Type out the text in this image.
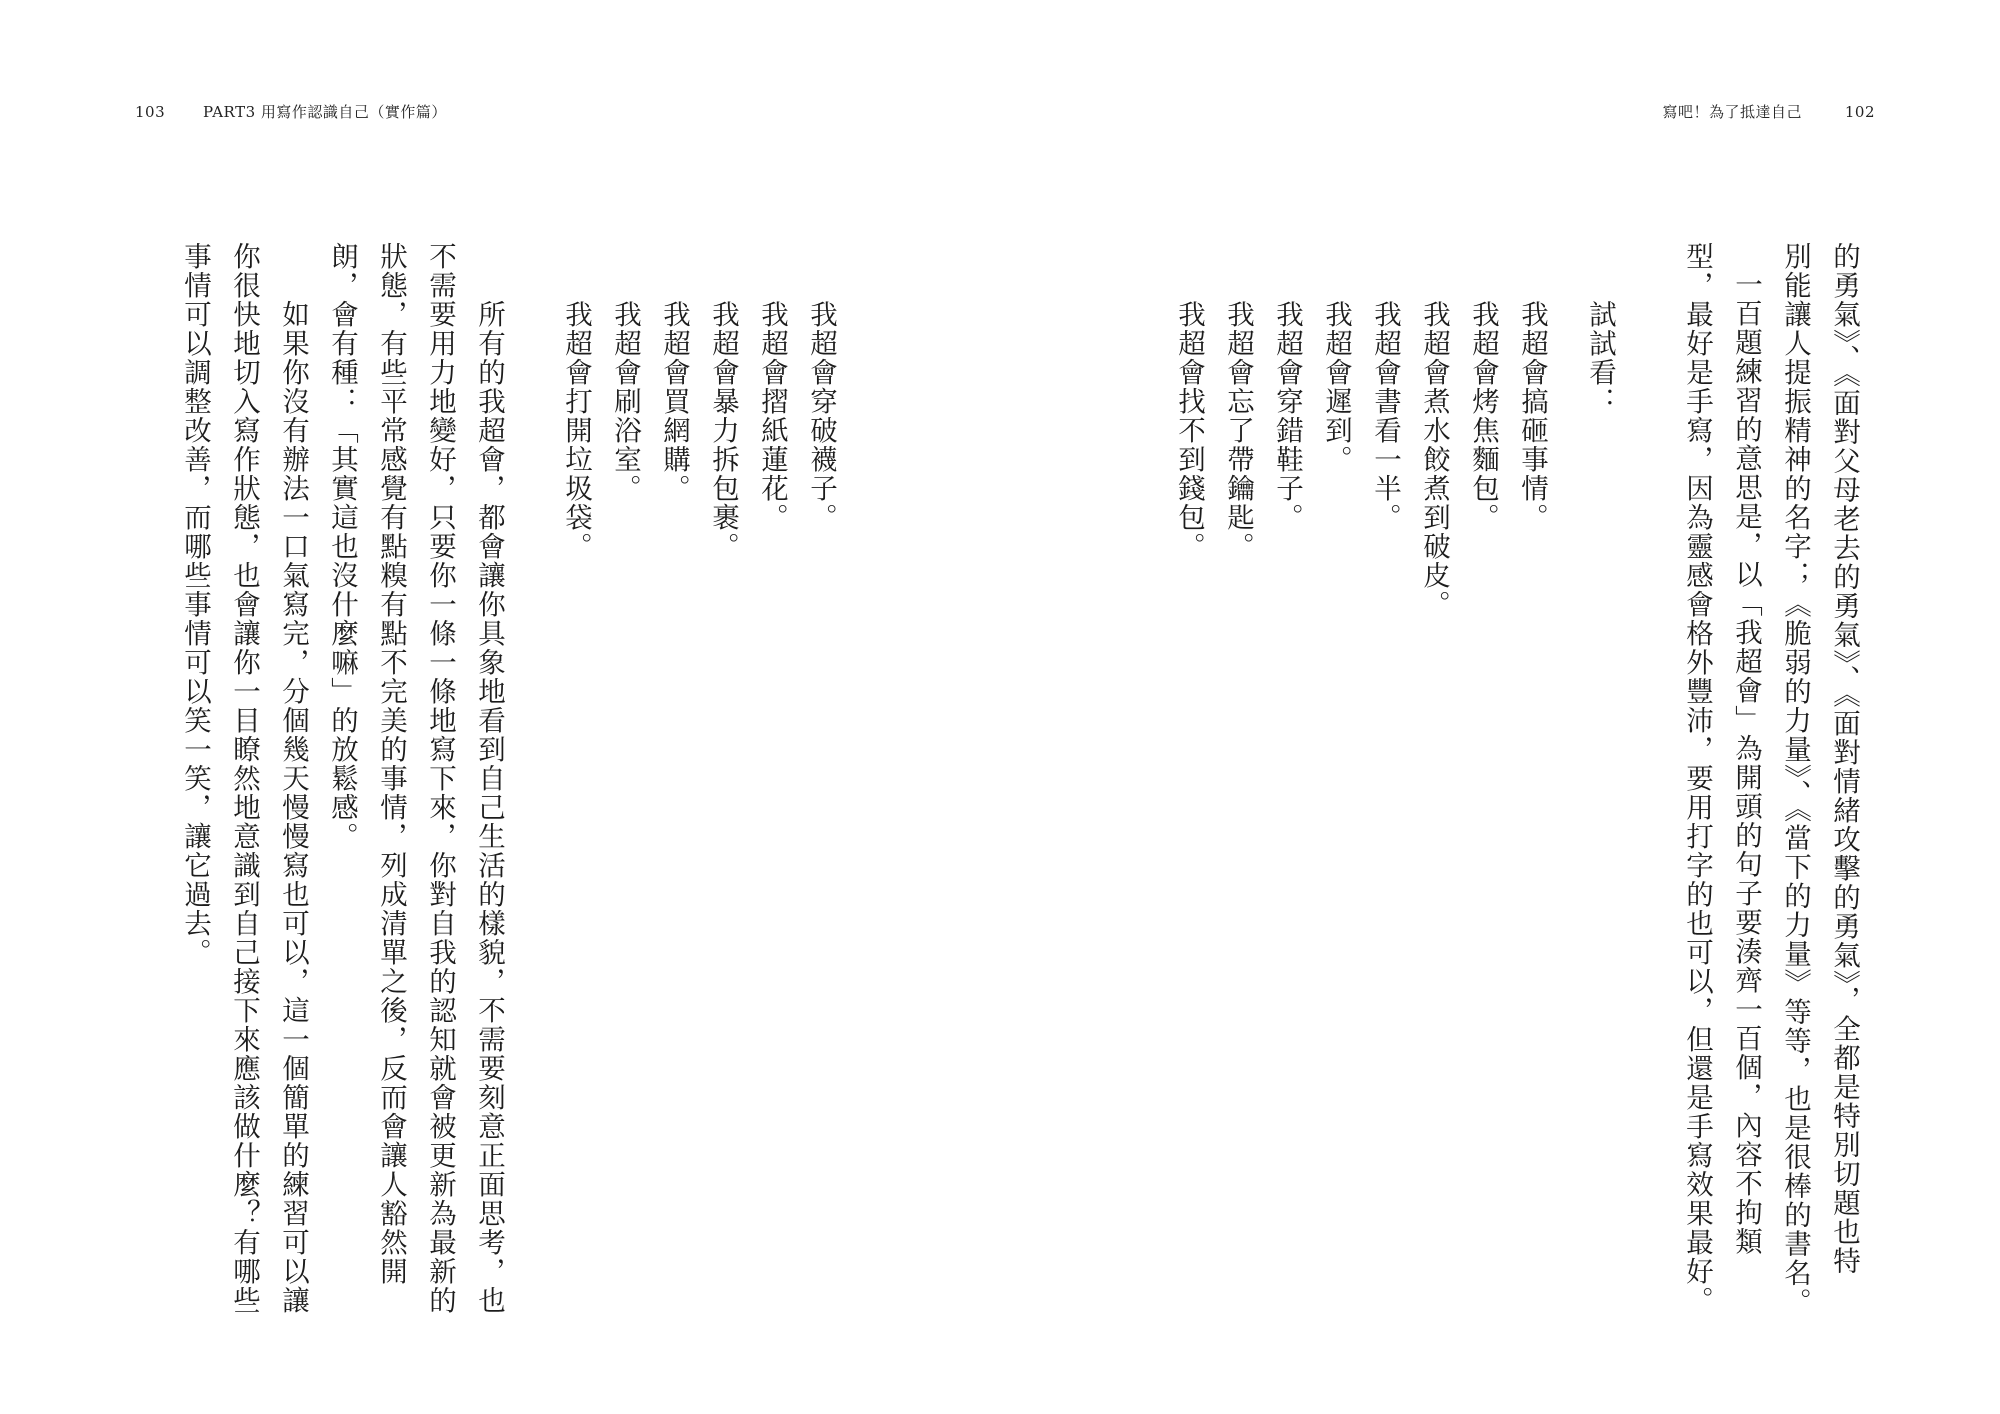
103	PART3 用寫作認識自己（實作篇）	寫吧！為了抵達自己	102
的勇氣》、《面對父母老去的勇氣》、《面對情緒攻擊的勇氣》，全都是特別切題也特
別能讓人提振精神的名字；《脆弱的力量》、《當下的力量》等等，也是很棒的書名。
一百題練習的意思是，以「我超會」為開頭的句子要湊齊一百個，內容不拘類
型，最好是手寫，因為靈感會格外豐沛，要用打字的也可以，但還是手寫效果最好。
試試看：
我超會搞砸事情。
我超會烤焦麵包。
我超會煮水餃煮到破皮。
我超會書看一半。
我超會遲到。
我超會穿錯鞋子。
我超會忘了帶鑰匙。
我超會找不到錢包。
我超會穿破襪子。
我超會摺紙蓮花。
我超會暴力拆包裹。
我超會買網購。
我超會刷浴室。
我超會打開垃圾袋。
所有的我超會，都會讓你具象地看到自己生活的樣貌，不需要刻意正面思考，也
不需要用力地變好，只要你一條一條地寫下來，你對自我的認知就會被更新為最新的
狀態，有些平常感覺有點糗有點不完美的事情，列成清單之後，反而會讓人豁然開
朗，會有種：「其實這也沒什麼嘛」的放鬆感。
如果你沒有辦法一口氣寫完，分個幾天慢慢寫也可以，這一個簡單的練習可以讓
你很快地切入寫作狀態，也會讓你一目瞭然地意識到自己接下來應該做什麼？有哪些
事情可以調整改善，而哪些事情可以笑一笑，讓它過去。
